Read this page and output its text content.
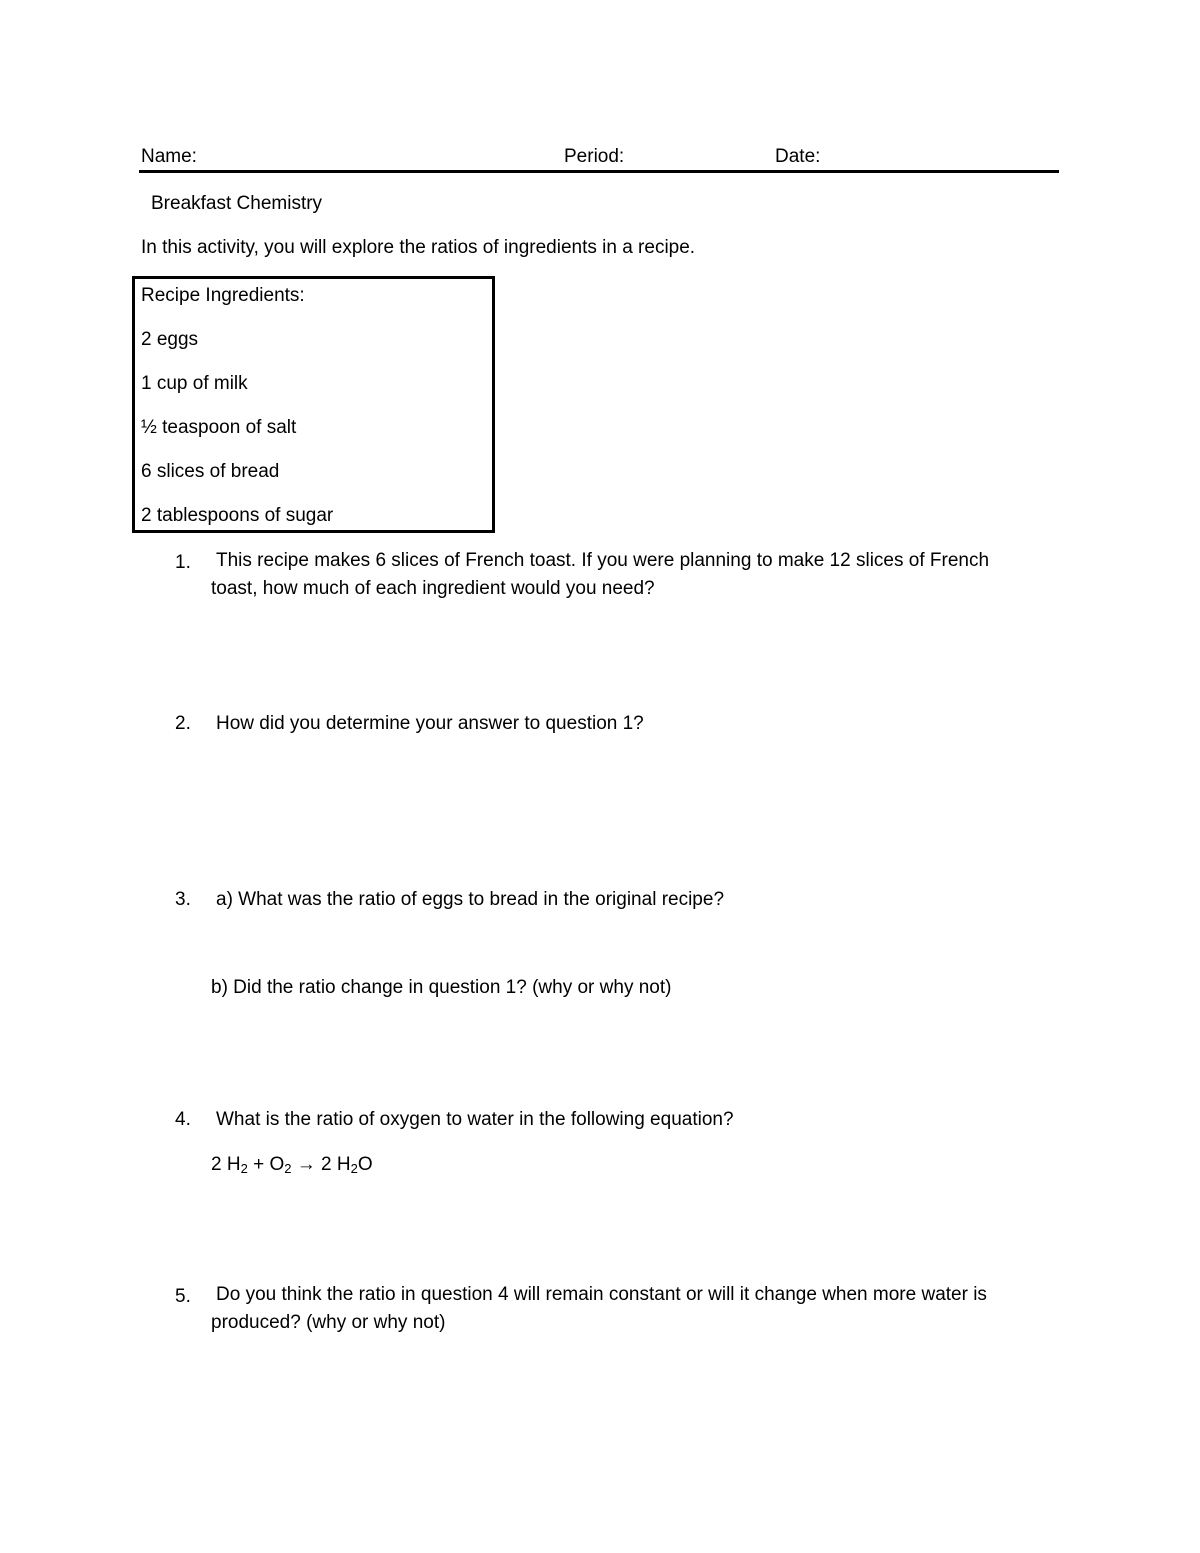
Name:	Period:	Date:
Breakfast Chemistry
In this activity, you will explore the ratios of ingredients in a recipe.
Recipe Ingredients:
2 eggs
1 cup of milk
½ teaspoon of salt
6 slices of bread
2 tablespoons of sugar
1. This recipe makes 6 slices of French toast. If you were planning to make 12 slices of French
toast, how much of each ingredient would you need?
2. How did you determine your answer to question 1?
3. a) What was the ratio of eggs to bread in the original recipe?
b) Did the ratio change in question 1? (why or why not)
4. What is the ratio of oxygen to water in the following equation?
2 $H_2 + O_2 \to 2$ $H_2O$
5. Do you think the ratio in question 4 will remain constant or will it change when more water is
produced? (why or why not)
